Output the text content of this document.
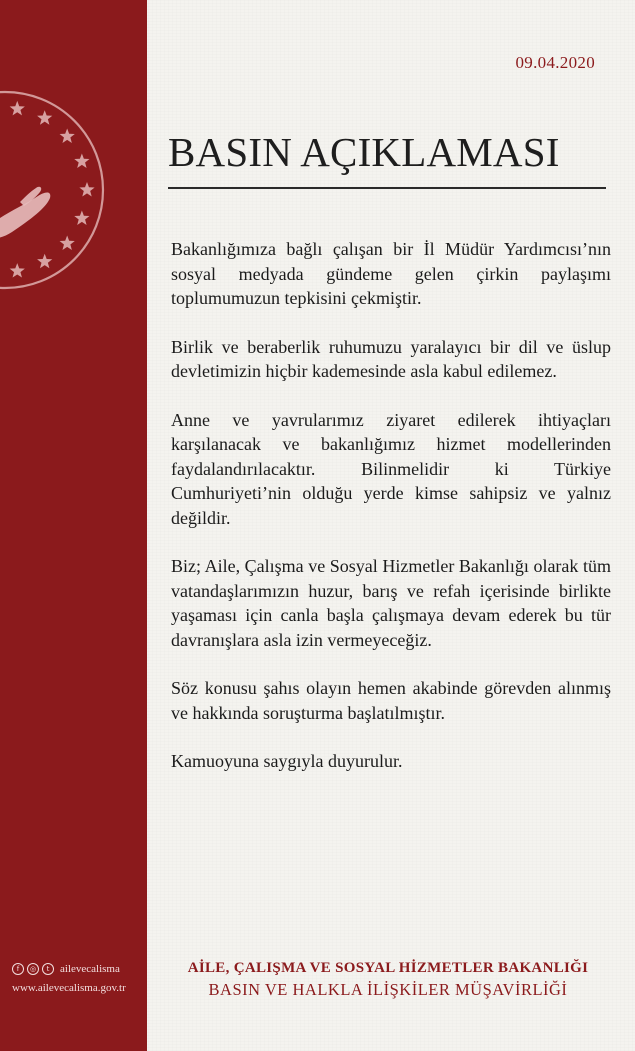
f	◎	t ailevecalisma
www.ailevecalisma.gov.tr
09.04.2020
BASIN AÇIKLAMASI

Bakanlığımıza bağlı çalışan bir İl Müdür Yardımcısı’nın sosyal medyada gündeme gelen çirkin paylaşımı toplumumuzun tepkisini çekmiştir.

Birlik ve beraberlik ruhumuzu yaralayıcı bir dil ve üslup devletimizin hiçbir kademesinde asla kabul edilemez.

Anne ve yavrularımız ziyaret edilerek ihtiyaçları karşılanacak ve bakanlığımız hizmet modellerinden faydalandırılacaktır. Bilinmelidir ki Türkiye Cumhuriyeti’nin olduğu yerde kimse sahipsiz ve yalnız değildir.

Biz; Aile, Çalışma ve Sosyal Hizmetler Bakanlığı olarak tüm vatandaşlarımızın huzur, barış ve refah içerisinde birlikte yaşaması için canla başla çalışmaya devam ederek bu tür davranışlara asla izin vermeyeceğiz.

Söz konusu şahıs olayın hemen akabinde görevden alınmış ve hakkında soruşturma başlatılmıştır.

Kamuoyuna saygıyla duyurulur.

AİLE, ÇALIŞMA VE SOSYAL HİZMETLER BAKANLIĞI
BASIN VE HALKLA İLİŞKİLER MÜŞAVİRLİĞİ
